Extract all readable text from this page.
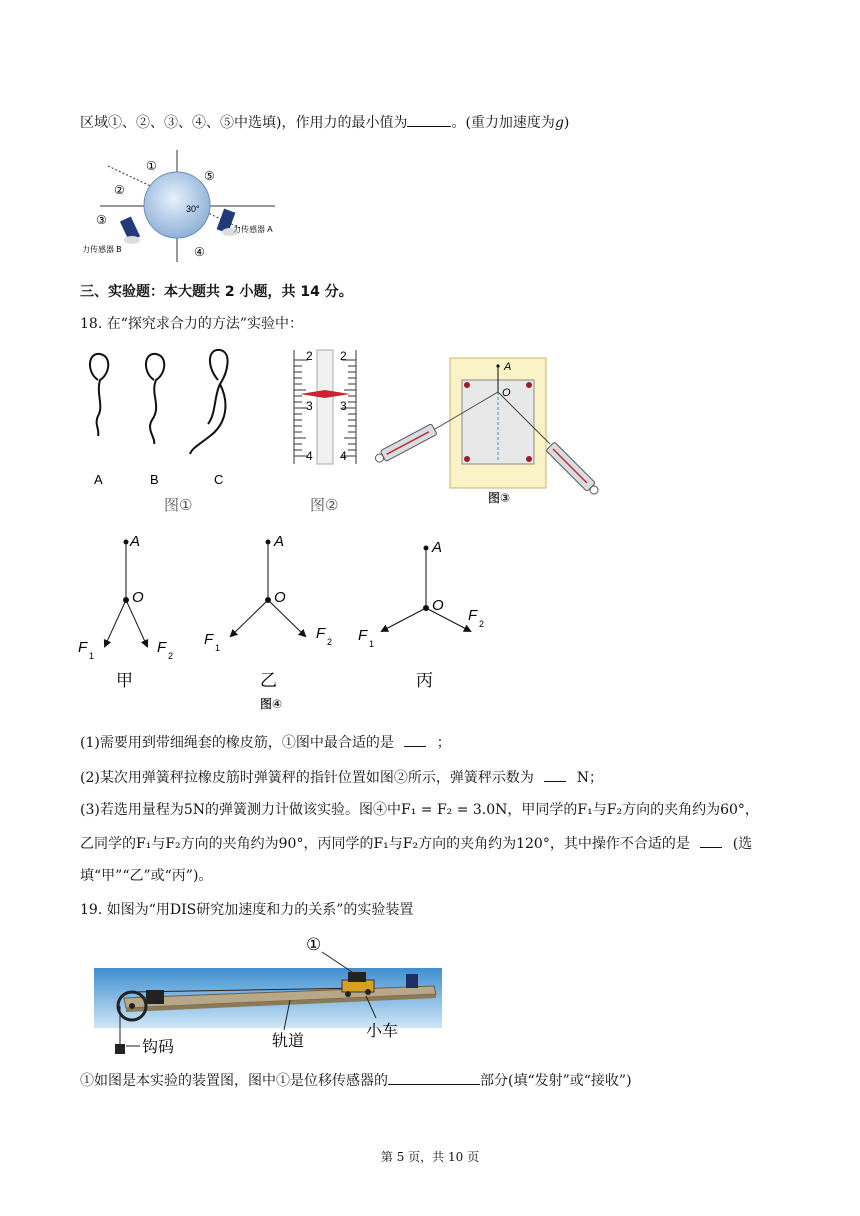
区域①、②、③、④、⑤中选填)，作用力的最小值为	。(重力加速度为g)
30°
①
②
③
④
⑤
力传感器 A
力传感器 B
三、实验题：本大题共 2 小题，共 14 分。
18. 在“探究求合力的方法”实验中：
A	B	C
图①
2
3
4
2
3
4
图②
A
O
图③
A
O
F 1	F 2
甲
A
O
F 1
F 2
乙
A
O
F 1
F 2
丙
图④
(1)需要用到带细绳套的橡皮筋，①图中最合适的是	；
(2)某次用弹簧秤拉橡皮筋时弹簧秤的指针位置如图②所示，弹簧秤示数为	N；
(3)若选用量程为5N的弹簧测力计做该实验。图④中F₁ = F₂ = 3.0N，甲同学的F₁与F₂方向的夹角约为60°，
乙同学的F₁与F₂方向的夹角约为90°，丙同学的F₁与F₂方向的夹角约为120°，其中操作不合适的是	(选
填“甲”“乙”或“丙”)。
19. 如图为“用DIS研究加速度和力的关系”的实验装置
①
钩码	轨道
小车
①如图是本实验的装置图，图中①是位移传感器的	部分(填“发射”或“接收”)
第 5 页，共 10 页
